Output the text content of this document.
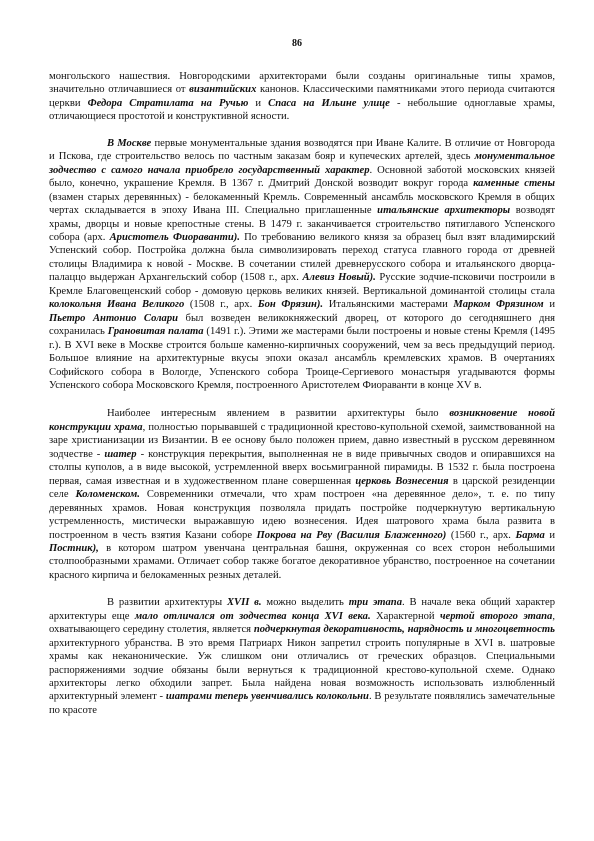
86

монгольского нашествия. Новгородскими архитекторами были созданы оригинальные типы храмов, значительно отличавшиеся от византийских канонов. Классическими памятниками этого периода считаются церкви Федора Стратилата на Ручью и Спаса на Ильине улице - небольшие одноглавые храмы, отличающиеся простотой и конструктивной ясности.

В Москве первые монументальные здания возводятся при Иване Калите. В отличие от Новгорода и Пскова, где строительство велось по частным заказам бояр и купеческих артелей, здесь монументальное зодчество с самого начала приобрело государственный характер. Основной заботой московских князей было, конечно, украшение Кремля. В 1367 г. Дмитрий Донской возводит вокруг города каменные стены (взамен старых деревянных) - белокаменный Кремль. Современный ансамбль московского Кремля в общих чертах складывается в эпоху Ивана III. Специально приглашенные итальянские архитекторы возводят храмы, дворцы и новые крепостные стены. В 1479 г. заканчивается строительство пятиглавого Успенского собора (арх. Аристотель Фиораванти). По требованию великого князя за образец был взят владимирский Успенский собор. Постройка должна была символизировать переход статуса главного города от древней столицы Владимира к новой - Москве. В сочетании стилей древнерусского собора и итальянского дворца-палаццо выдержан Архангельский собор (1508 г., арх. Алевиз Новый). Русские зодчие-псковичи построили в Кремле Благовещенский собор - домовую церковь великих князей. Вертикальной доминантой столицы стала колокольня Ивана Великого (1508 г., арх. Бон Фрязин). Итальянскими мастерами Марком Фрязином и Пьетро Антонио Солари был возведен великокняжеский дворец, от которого до сегодняшнего дня сохранилась Грановитая палата (1491 г.). Этими же мастерами были построены и новые стены Кремля (1495 г.). В XVI веке в Москве строится больше каменно-кирпичных сооружений, чем за весь предыдущий период. Большое влияние на архитектурные вкусы эпохи оказал ансамбль кремлевских храмов. В очертаниях Софийского собора в Вологде, Успенского собора Троице-Сергиевого монастыря угадываются формы Успенского собора Московского Кремля, построенного Аристотелем Фиораванти в конце XV в.

Наиболее интересным явлением в развитии архитектуры было возникновение новой конструкции храма, полностью порывавшей с традиционной крестово-купольной схемой, заимствованной на заре христианизации из Византии. В ее основу было положен прием, давно известный в русском деревянном зодчестве - шатер - конструкция перекрытия, выполненная не в виде привычных сводов и опиравшихся на столпы куполов, а в виде высокой, устремленной вверх восьмигранной пирамиды. В 1532 г. была построена первая, самая известная и в художественном плане совершенная церковь Вознесения в царской резиденции селе Коломенском. Современники отмечали, что храм построен «на деревянное дело», т. е. по типу деревянных храмов. Новая конструкция позволяла придать постройке подчеркнутую вертикальную устремленность, мистически выражавшую идею вознесения. Идея шатрового храма была развита в построенном в честь взятия Казани соборе Покрова на Рву (Василия Блаженного) (1560 г., арх. Барма и Постник), в котором шатром увенчана центральная башня, окруженная со всех сторон небольшими столпообразными храмами. Отличает собор также богатое декоративное убранство, построенное на сочетании красного кирпича и белокаменных резных деталей.

В развитии архитектуры XVII в. можно выделить три этапа. В начале века общий характер архитектуры еще мало отличался от зодчества конца XVI века. Характерной чертой второго этапа, охватывающего середину столетия, является подчеркнутая декоративность, нарядность и многоцветность архитектурного убранства. В это время Патриарх Никон запретил строить популярные в XVI в. шатровые храмы как неканонические. Уж слишком они отличались от греческих образцов. Специальными распоряжениями зодчие обязаны были вернуться к традиционной крестово-купольной схеме. Однако архитекторы легко обходили запрет. Была найдена новая возможность использовать излюбленный архитектурный элемент - шатрами теперь увенчивались колокольни. В результате появлялись замечательные по красоте
